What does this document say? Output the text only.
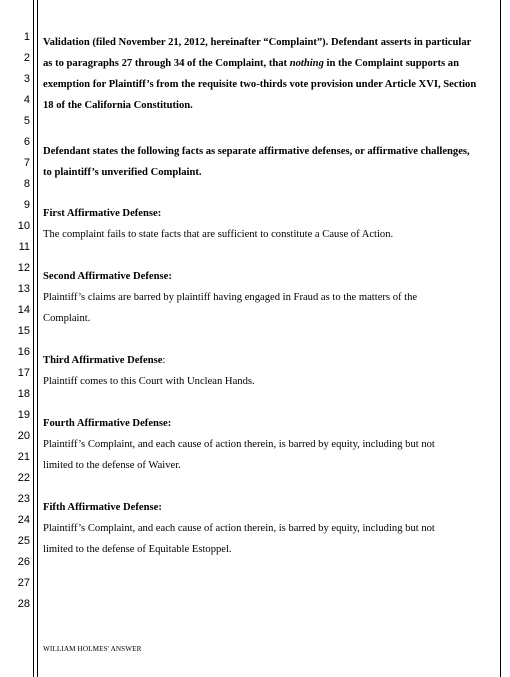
1
2
3
4
5
6
7
8
9
10
11
12
13
14
15
16
17
18
19
20
21
22
23
24
25
26
27
28
Validation (filed November 21, 2012, hereinafter “Complaint”). Defendant asserts in particular
as to paragraphs 27 through 34 of the Complaint, that nothing in the Complaint supports an
exemption for Plaintiff’s from the requisite two-thirds vote provision under Article XVI, Section
18 of the California Constitution.
Defendant states the following facts as separate affirmative defenses, or affirmative challenges,
to plaintiff’s unverified Complaint.
First Affirmative Defense:
The complaint fails to state facts that are sufficient to constitute a Cause of Action.
Second Affirmative Defense:
Plaintiff’s claims are barred by plaintiff having engaged in Fraud as to the matters of the
Complaint.
Third Affirmative Defense:
Plaintiff comes to this Court with Unclean Hands.
Fourth Affirmative Defense:
Plaintiff’s Complaint, and each cause of action therein, is barred by equity, including but not
limited to the defense of Waiver.
Fifth Affirmative Defense:
Plaintiff’s Complaint, and each cause of action therein, is barred by equity, including but not
limited to the defense of Equitable Estoppel.
WILLIAM HOLMES' ANSWER
